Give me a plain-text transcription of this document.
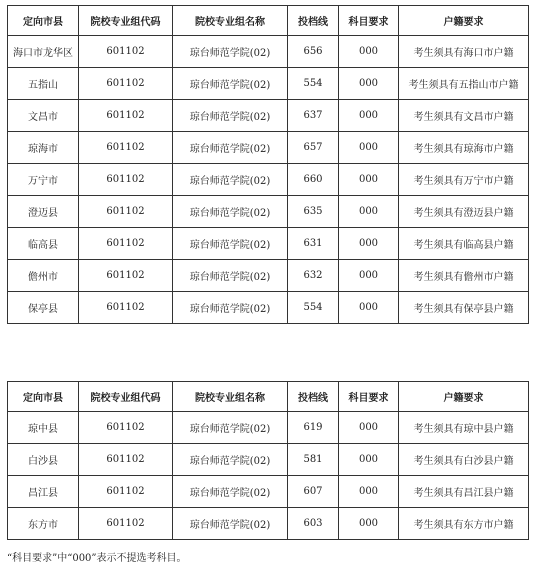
定向市县	院校专业组代码	院校专业组名称	投档线	科目要求	户籍要求
海口市龙华区	601102	琼台师范学院(02)	656	000	考生须具有海口市户籍
五指山	601102	琼台师范学院(02)	554	000	考生须具有五指山市户籍
文昌市	601102	琼台师范学院(02)	637	000	考生须具有文昌市户籍
琼海市	601102	琼台师范学院(02)	657	000	考生须具有琼海市户籍
万宁市	601102	琼台师范学院(02)	660	000	考生须具有万宁市户籍
澄迈县	601102	琼台师范学院(02)	635	000	考生须具有澄迈县户籍
临高县	601102	琼台师范学院(02)	631	000	考生须具有临高县户籍
儋州市	601102	琼台师范学院(02)	632	000	考生须具有儋州市户籍
保亭县	601102	琼台师范学院(02)	554	000	考生须具有保亭县户籍
定向市县	院校专业组代码	院校专业组名称	投档线	科目要求	户籍要求
琼中县	601102	琼台师范学院(02)	619	000	考生须具有琼中县户籍
白沙县	601102	琼台师范学院(02)	581	000	考生须具有白沙县户籍
昌江县	601102	琼台师范学院(02)	607	000	考生须具有昌江县户籍
东方市	601102	琼台师范学院(02)	603	000	考生须具有东方市户籍
“科目要求”中“000”表示不提选考科目。
